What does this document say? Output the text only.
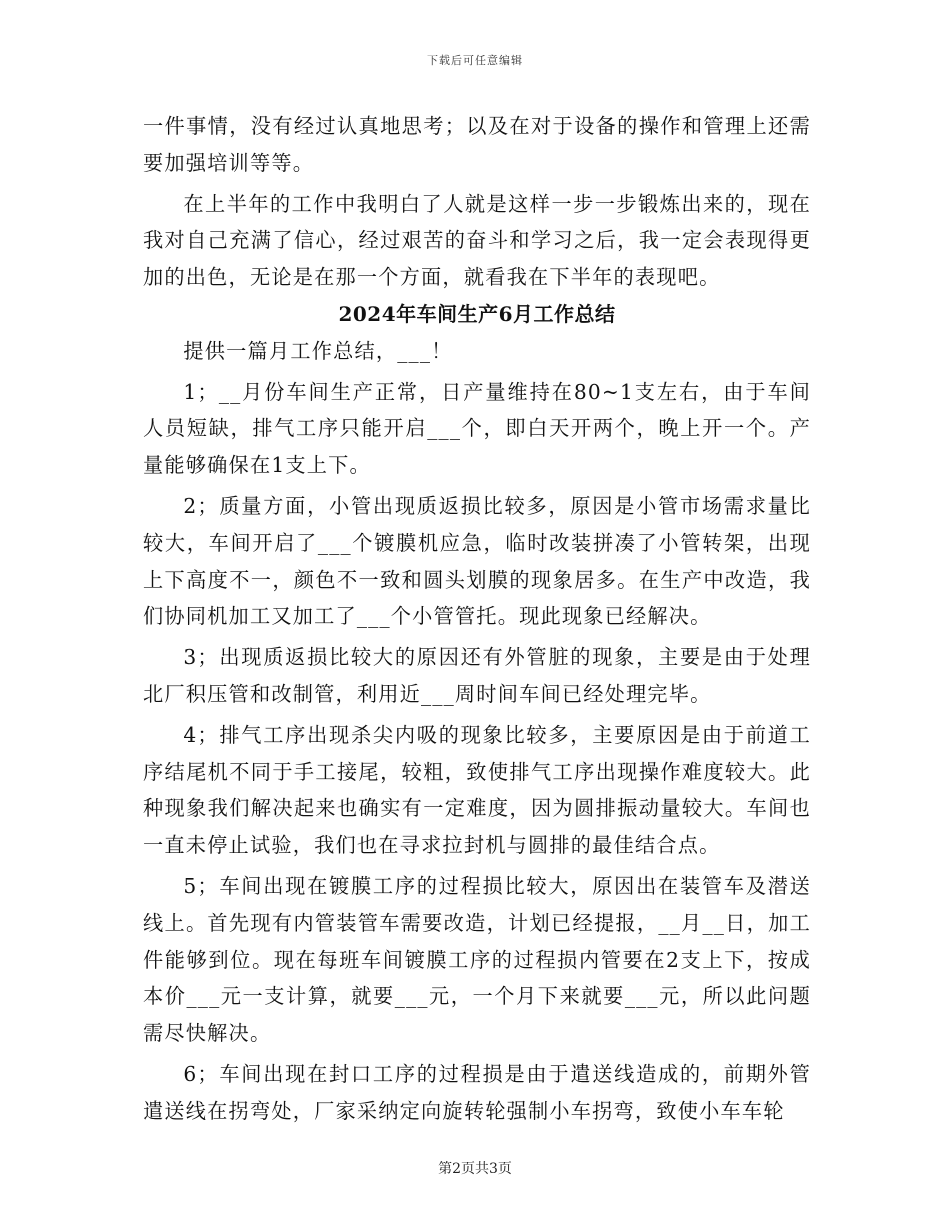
下载后可任意编辑

一件事情，没有经过认真地思考；以及在对于设备的操作和管理上还需要加强培训等等。

在上半年的工作中我明白了人就是这样一步一步锻炼出来的，现在我对自己充满了信心，经过艰苦的奋斗和学习之后，我一定会表现得更加的出色，无论是在那一个方面，就看我在下半年的表现吧。

2024年车间生产6月工作总结

提供一篇月工作总结，___！

1；__月份车间生产正常，日产量维持在80~1支左右，由于车间人员短缺，排气工序只能开启___个，即白天开两个，晚上开一个。产量能够确保在1支上下。

2；质量方面，小管出现质返损比较多，原因是小管市场需求量比较大，车间开启了___个镀膜机应急，临时改装拼凑了小管转架，出现上下高度不一，颜色不一致和圆头划膜的现象居多。在生产中改造，我们协同机加工又加工了___个小管管托。现此现象已经解决。

3；出现质返损比较大的原因还有外管脏的现象，主要是由于处理北厂积压管和改制管，利用近___周时间车间已经处理完毕。

4；排气工序出现杀尖内吸的现象比较多，主要原因是由于前道工序结尾机不同于手工接尾，较粗，致使排气工序出现操作难度较大。此种现象我们解决起来也确实有一定难度，因为圆排振动量较大。车间也一直未停止试验，我们也在寻求拉封机与圆排的最佳结合点。

5；车间出现在镀膜工序的过程损比较大，原因出在装管车及潜送线上。首先现有内管装管车需要改造，计划已经提报，__月__日，加工件能够到位。现在每班车间镀膜工序的过程损内管要在2支上下，按成本价___元一支计算，就要___元，一个月下来就要___元，所以此问题需尽快解决。

6；车间出现在封口工序的过程损是由于遣送线造成的，前期外管遣送线在拐弯处，厂家采纳定向旋转轮强制小车拐弯，致使小车车轮

第2页共3页
